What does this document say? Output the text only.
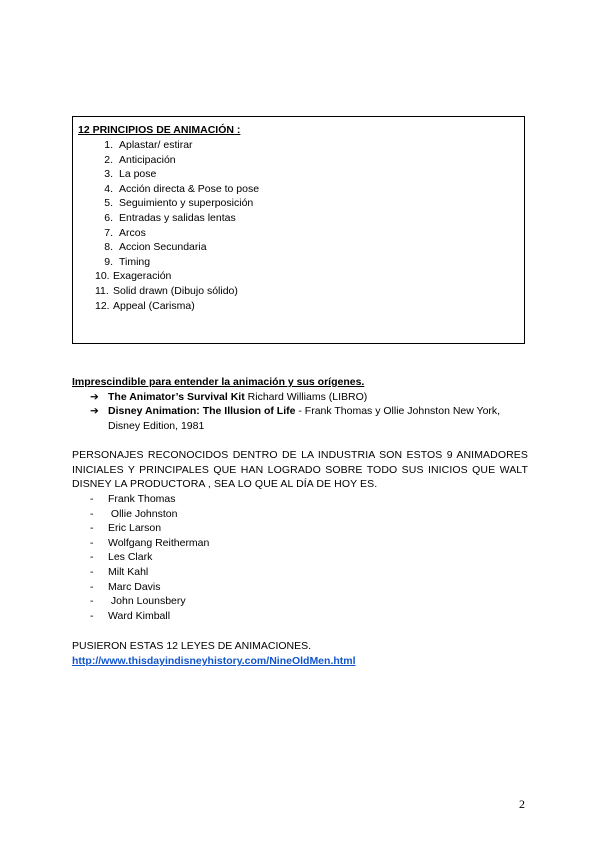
12 PRINCIPIOS DE ANIMACIÓN :
1. Aplastar/ estirar
2. Anticipación
3. La pose
4. Acción directa & Pose to pose
5. Seguimiento y superposición
6. Entradas y salidas lentas
7. Arcos
8. Accion Secundaria
9. Timing
10. Exageración
11. Solid drawn (Dibujo sólido)
12. Appeal (Carisma)
Imprescindible para entender la animación y sus orígenes.
➔ The Animator’s Survival Kit Richard Williams (LIBRO)
➔ Disney Animation: The Illusion of Life - Frank Thomas y Ollie Johnston New York, Disney Edition, 1981
PERSONAJES RECONOCIDOS DENTRO DE LA INDUSTRIA SON ESTOS 9 ANIMADORES INICIALES Y PRINCIPALES QUE HAN LOGRADO SOBRE TODO SUS INICIOS QUE WALT DISNEY LA PRODUCTORA , SEA LO QUE AL DÍA DE HOY ES.
- Frank Thomas
- Ollie Johnston
- Eric Larson
- Wolfgang Reitherman
- Les Clark
- Milt Kahl
- Marc Davis
- John Lounsbery
- Ward Kimball
PUSIERON ESTAS 12 LEYES DE ANIMACIONES.
http://www.thisdayindisneyhistory.com/NineOldMen.html
2
